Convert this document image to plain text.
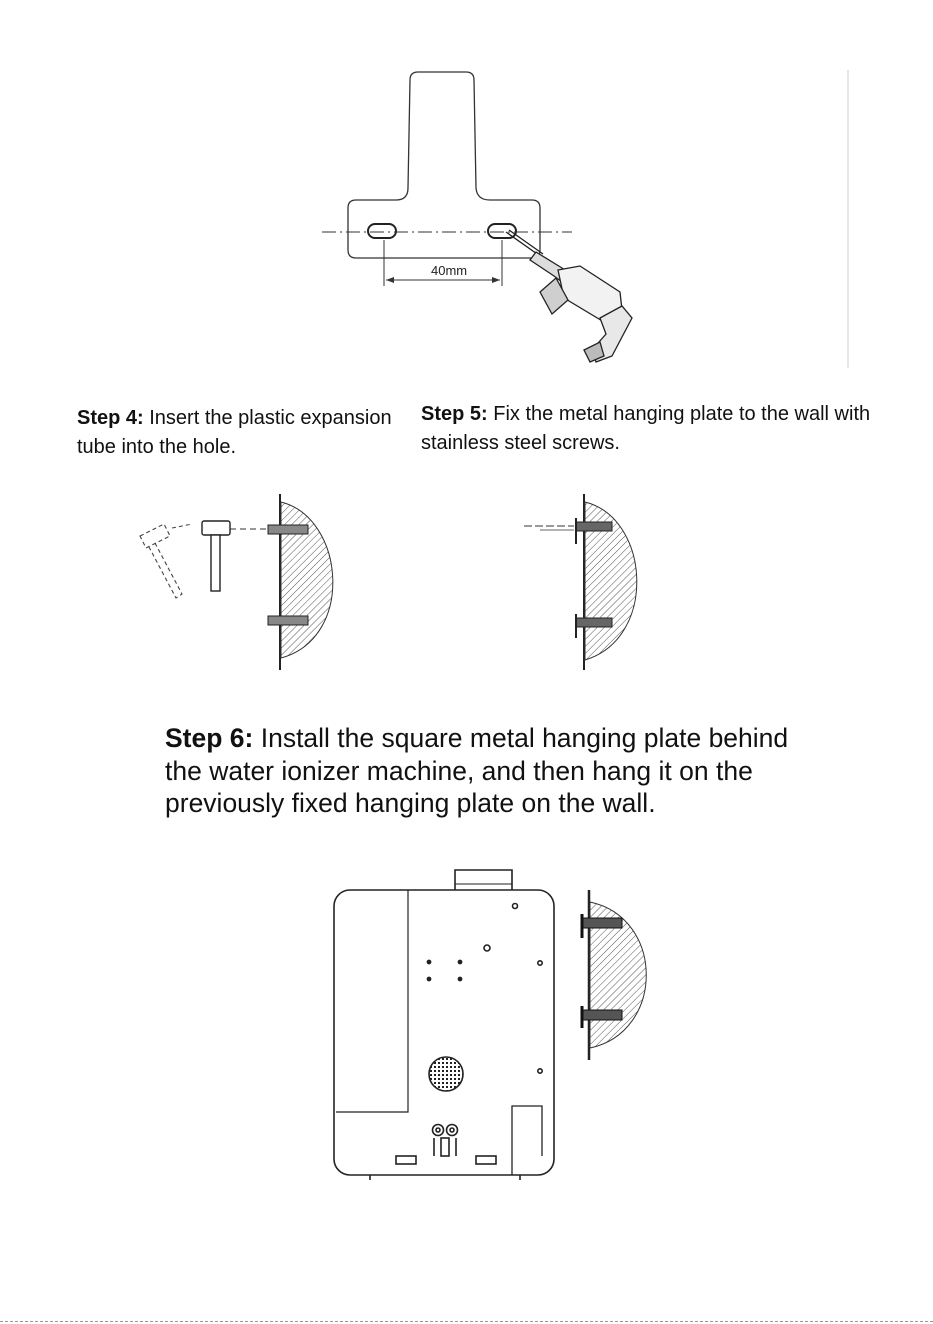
40mm

Step 4: Insert the plastic expansion tube into the hole.

Step 5: Fix the metal hanging plate to the wall with stainless steel screws.

Step 6: Install the square metal hanging plate behind the water ionizer machine, and then hang it on the previously fixed hanging plate on the wall.
